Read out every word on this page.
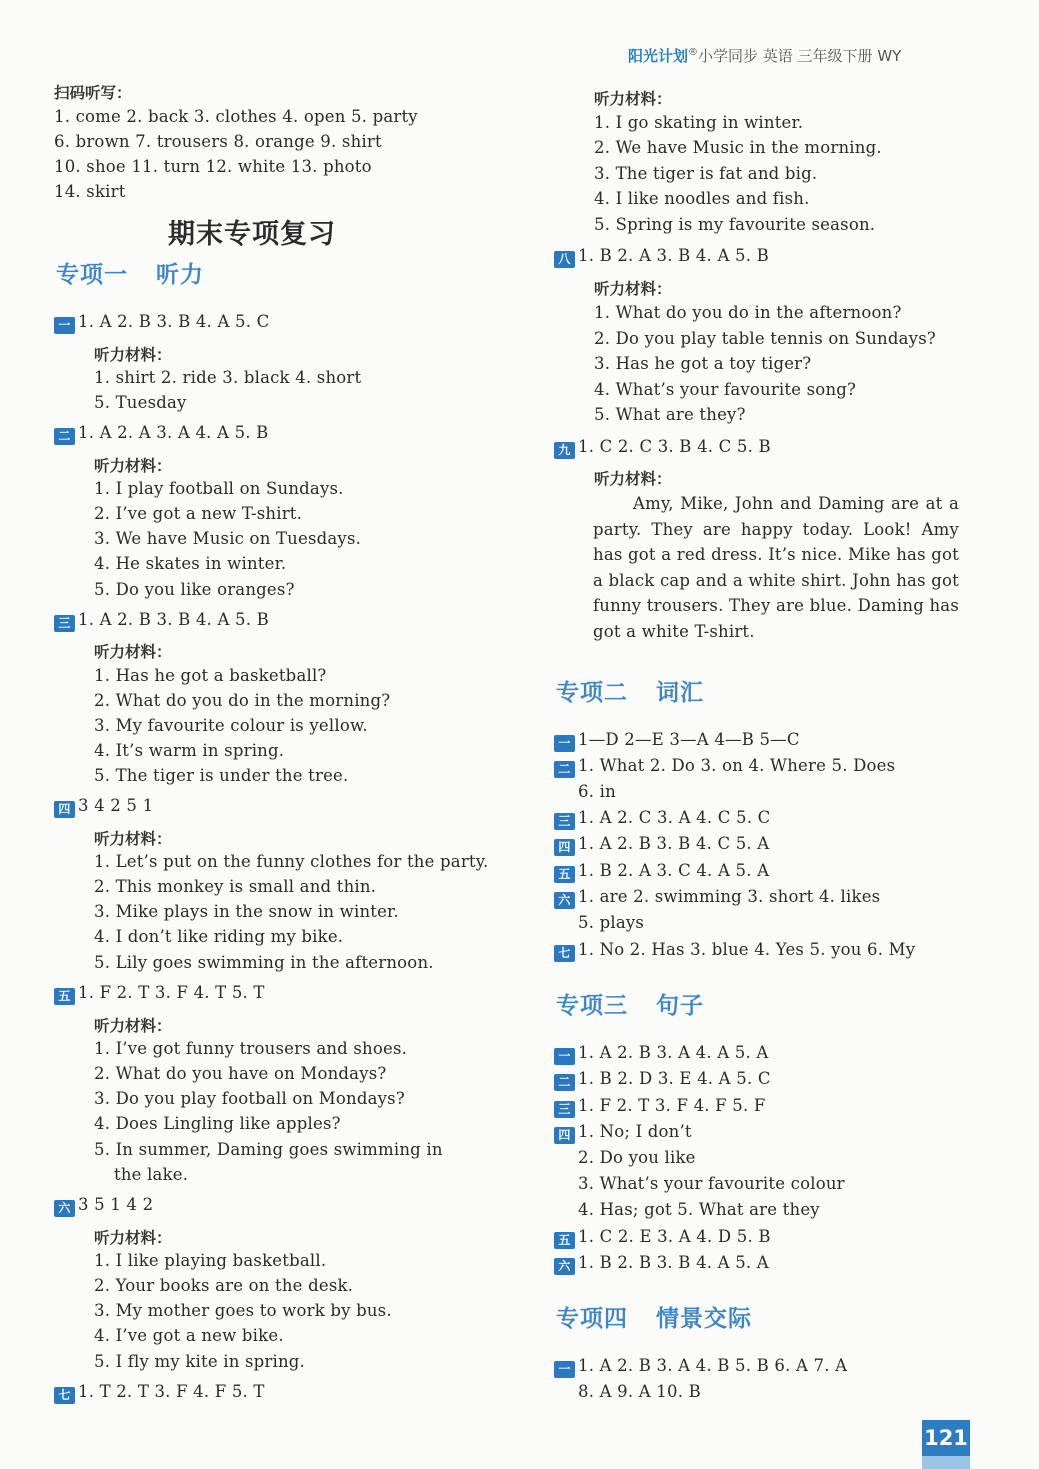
阳光计划®小学同步 英语 三年级下册 WY
扫码听写：
1. come 2. back 3. clothes 4. open 5. party
6. brown 7. trousers 8. orange 9. shirt
10. shoe 11. turn 12. white 13. photo
14. skirt
期末专项复习
专项一 听力
一 1. A 2. B 3. B 4. A 5. C
听力材料：
1. shirt 2. ride 3. black 4. short
5. Tuesday
二 1. A 2. A 3. A 4. A 5. B
听力材料：
1. I play football on Sundays.
2. I’ve got a new T-shirt.
3. We have Music on Tuesdays.
4. He skates in winter.
5. Do you like oranges?
三 1. A 2. B 3. B 4. A 5. B
听力材料：
1. Has he got a basketball?
2. What do you do in the morning?
3. My favourite colour is yellow.
4. It’s warm in spring.
5. The tiger is under the tree.
四 3 4 2 5 1
听力材料：
1. Let’s put on the funny clothes for the party.
2. This monkey is small and thin.
3. Mike plays in the snow in winter.
4. I don’t like riding my bike.
5. Lily goes swimming in the afternoon.
五 1. F 2. T 3. F 4. T 5. T
听力材料：
1. I’ve got funny trousers and shoes.
2. What do you have on Mondays?
3. Do you play football on Mondays?
4. Does Lingling like apples?
5. In summer, Daming goes swimming in
the lake.
六 3 5 1 4 2
听力材料：
1. I like playing basketball.
2. Your books are on the desk.
3. My mother goes to work by bus.
4. I’ve got a new bike.
5. I fly my kite in spring.
七 1. T 2. T 3. F 4. F 5. T
听力材料：
1. I go skating in winter.
2. We have Music in the morning.
3. The tiger is fat and big.
4. I like noodles and fish.
5. Spring is my favourite season.
八 1. B 2. A 3. B 4. A 5. B
听力材料：
1. What do you do in the afternoon?
2. Do you play table tennis on Sundays?
3. Has he got a toy tiger?
4. What’s your favourite song?
5. What are they?
九 1. C 2. C 3. B 4. C 5. B
听力材料：
Amy, Mike, John and Daming are at a party. They are happy today. Look! Amy has got a red dress. It’s nice. Mike has got a black cap and a white shirt. John has got funny trousers. They are blue. Daming has got a white T-shirt.
专项二 词汇
一 1—D 2—E 3—A 4—B 5—C
二 1. What 2. Do 3. on 4. Where 5. Does
6. in
三 1. A 2. C 3. A 4. C 5. C
四 1. A 2. B 3. B 4. C 5. A
五 1. B 2. A 3. C 4. A 5. A
六 1. are 2. swimming 3. short 4. likes
5. plays
七 1. No 2. Has 3. blue 4. Yes 5. you 6. My
专项三 句子
一 1. A 2. B 3. A 4. A 5. A
二 1. B 2. D 3. E 4. A 5. C
三 1. F 2. T 3. F 4. F 5. F
四 1. No; I don’t
2. Do you like
3. What’s your favourite colour
4. Has; got 5. What are they
五 1. C 2. E 3. A 4. D 5. B
六 1. B 2. B 3. B 4. A 5. A
专项四 情景交际
一 1. A 2. B 3. A 4. B 5. B 6. A 7. A
8. A 9. A 10. B
121
